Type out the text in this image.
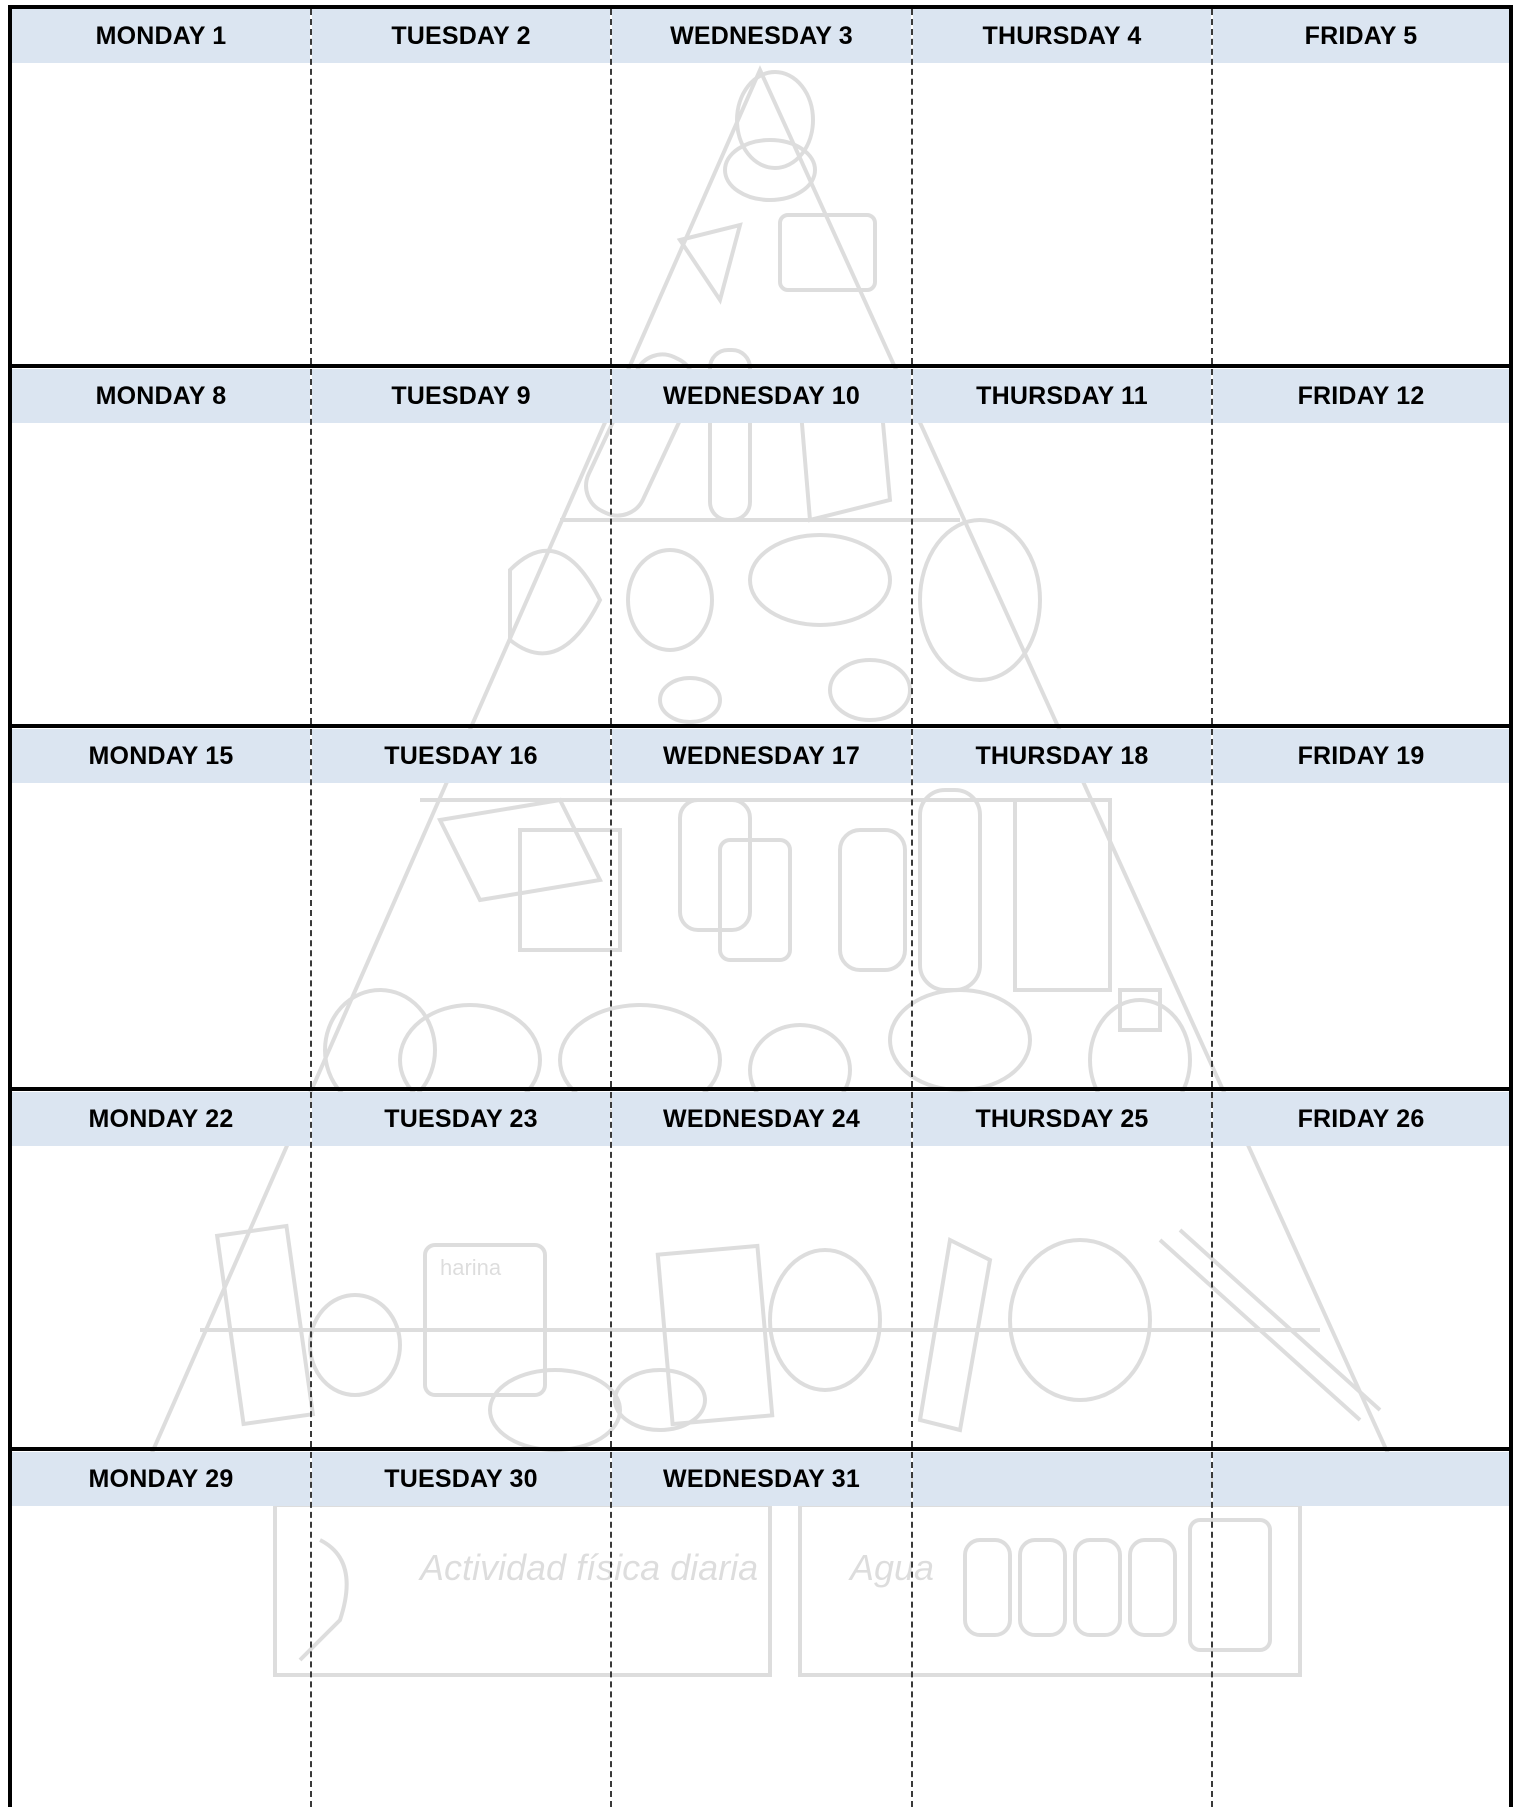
Actividad física diaria	Agua
harina
MONDAY 1	TUESDAY 2	WEDNESDAY 3	THURSDAY 4	FRIDAY 5
MONDAY 8	TUESDAY 9	WEDNESDAY 10	THURSDAY 11	FRIDAY 12
MONDAY 15	TUESDAY 16	WEDNESDAY 17	THURSDAY 18	FRIDAY 19
MONDAY 22	TUESDAY 23	WEDNESDAY 24	THURSDAY 25	FRIDAY 26
MONDAY 29	TUESDAY 30	WEDNESDAY 31
